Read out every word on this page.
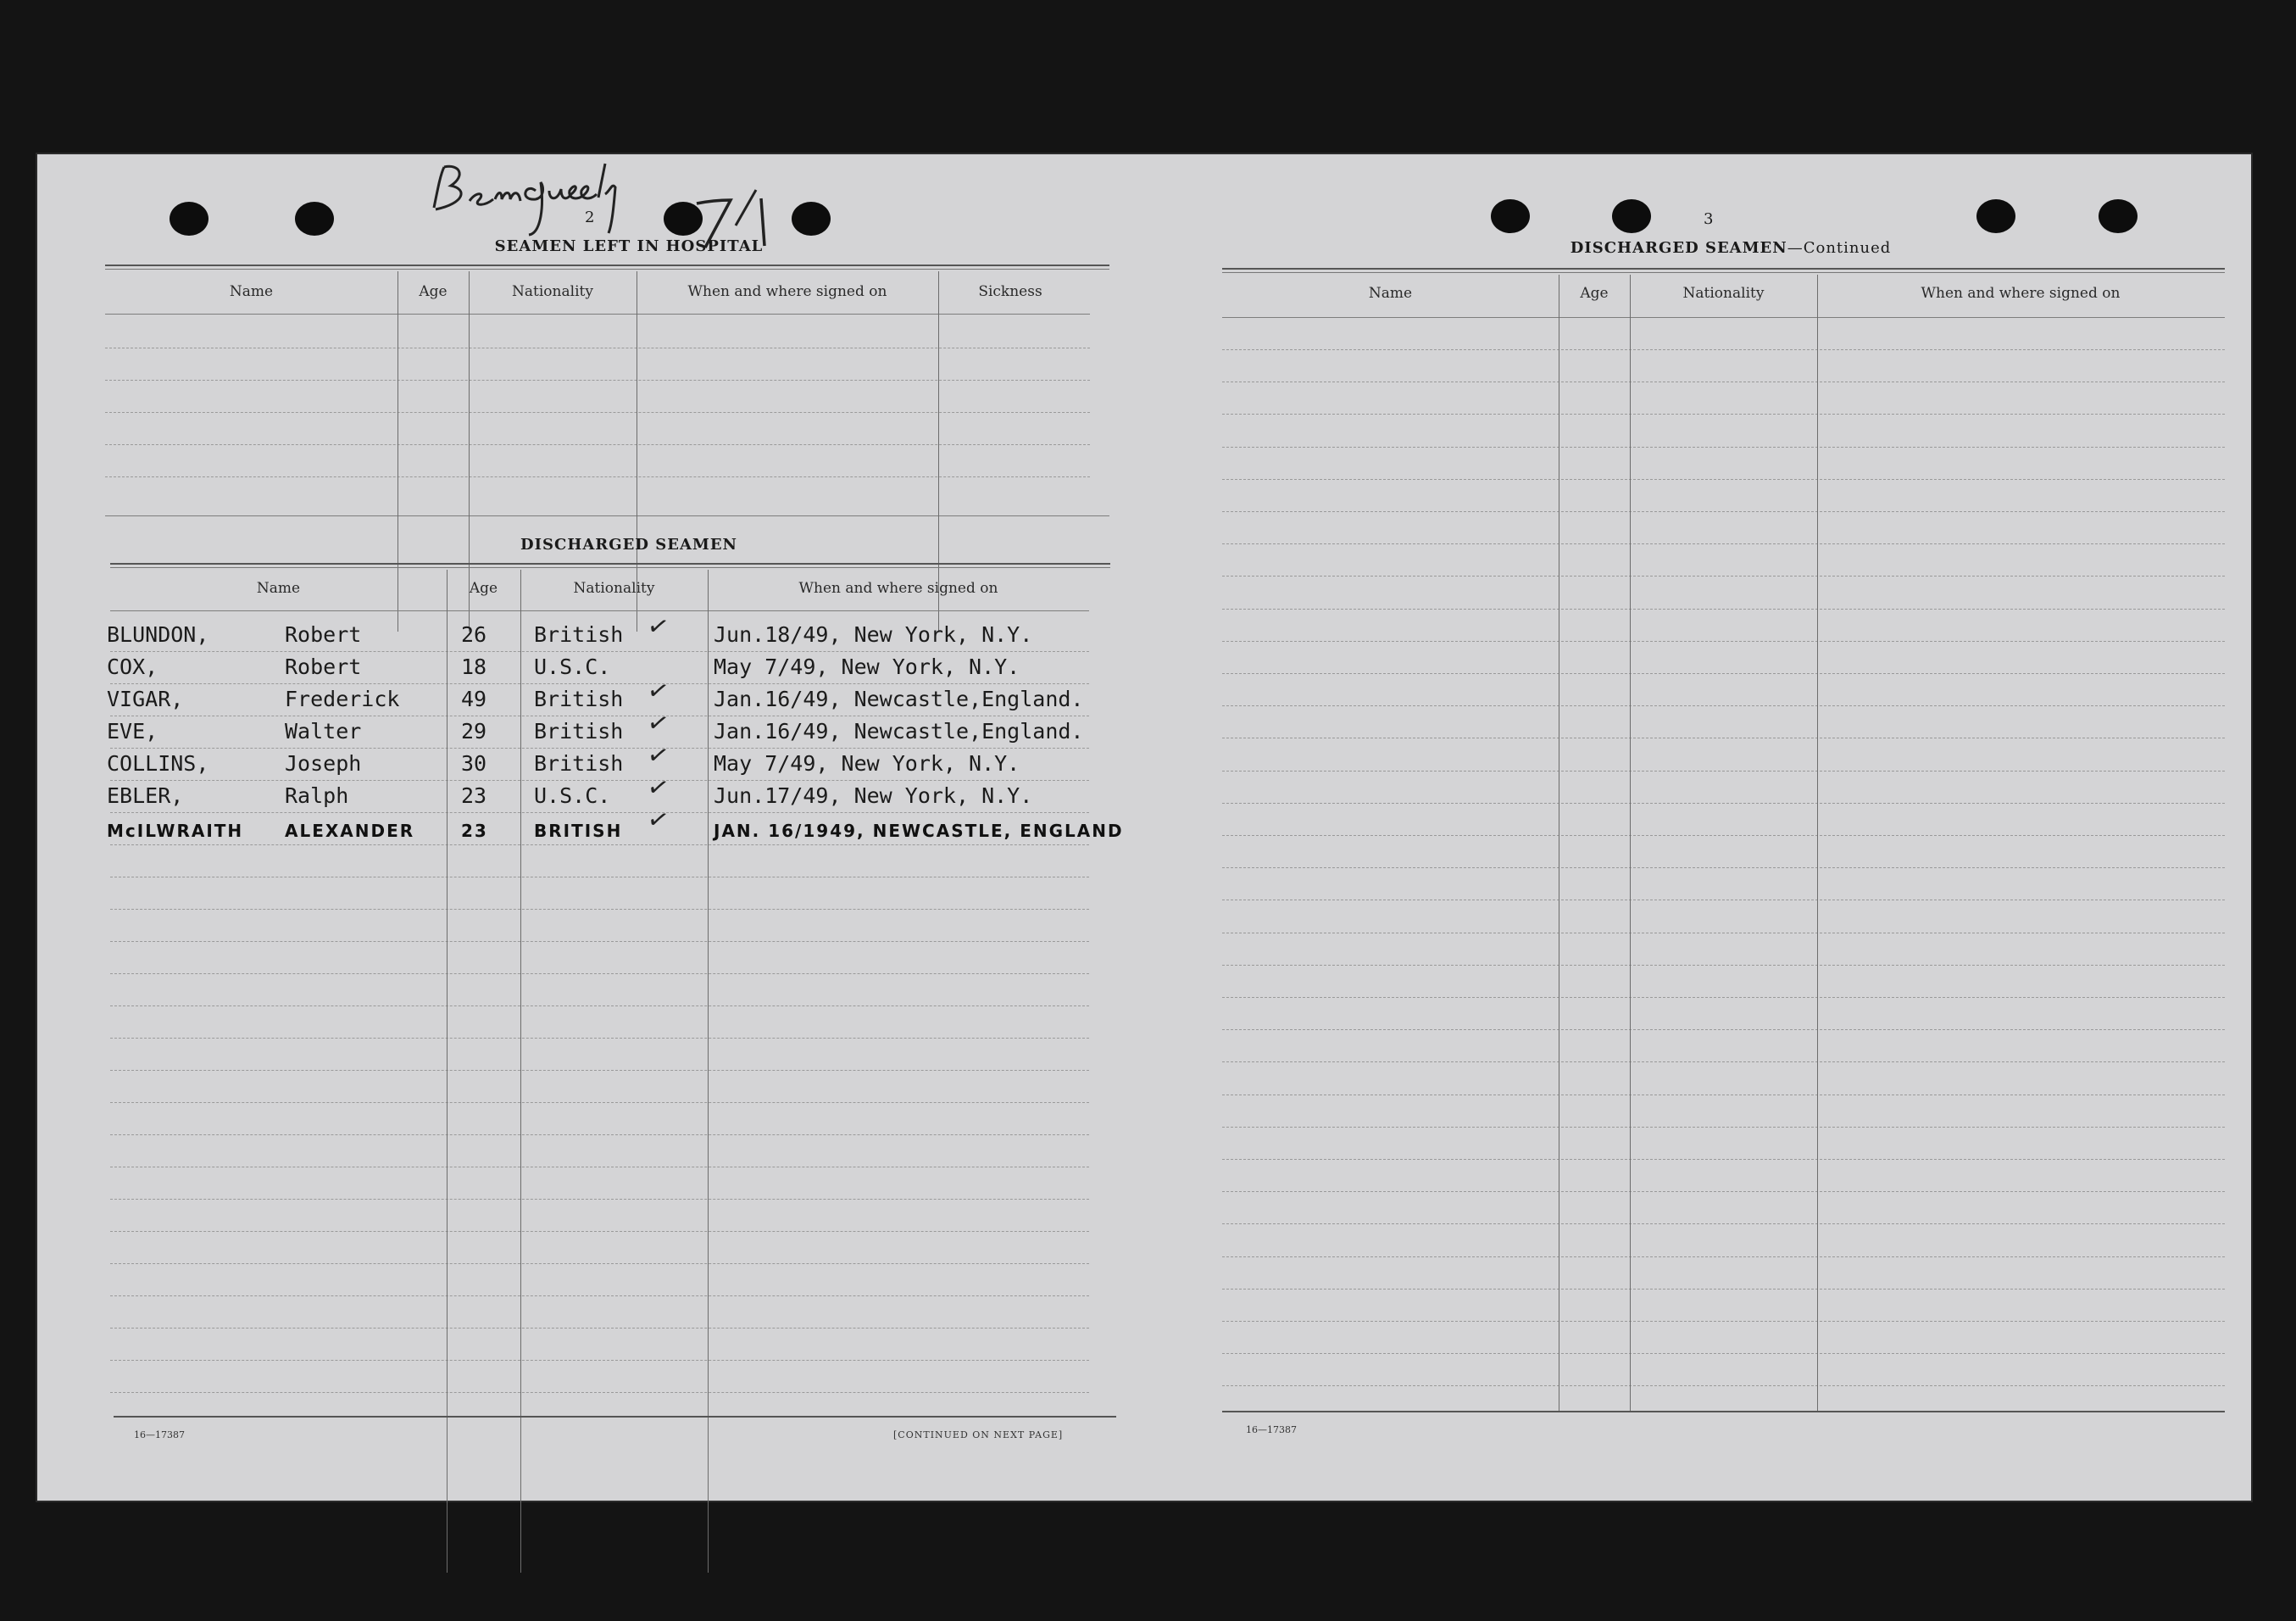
2
SEAMEN LEFT IN HOSPITAL
Name	Age	Nationality	When and where signed on	Sickness
DISCHARGED SEAMEN
Name	Age	Nationality	When and where signed on
BLUNDON,	Robert	26 British	Jun.18/49, New York, N.Y.
✓
COX,	Robert	18 U.S.C.	May 7/49, New York, N.Y.
VIGAR,	Frederick	49 British	Jan.16/49, Newcastle,England.
✓
EVE,	Walter	29 British	Jan.16/49, Newcastle,England.
✓
COLLINS,	Joseph	30 British	May 7/49, New York, N.Y.
✓
EBLER,	Ralph	23 U.S.C.	Jun.17/49, New York, N.Y.
✓
McILWRAITH ALEXANDER	23	BRITISH	JAN. 16/1949, NEWCASTLE, ENGLAND
✓
16—17387	[CONTINUED ON NEXT PAGE]
3
DISCHARGED SEAMEN—Continued
Name	Age	Nationality	When and where signed on
16—17387
